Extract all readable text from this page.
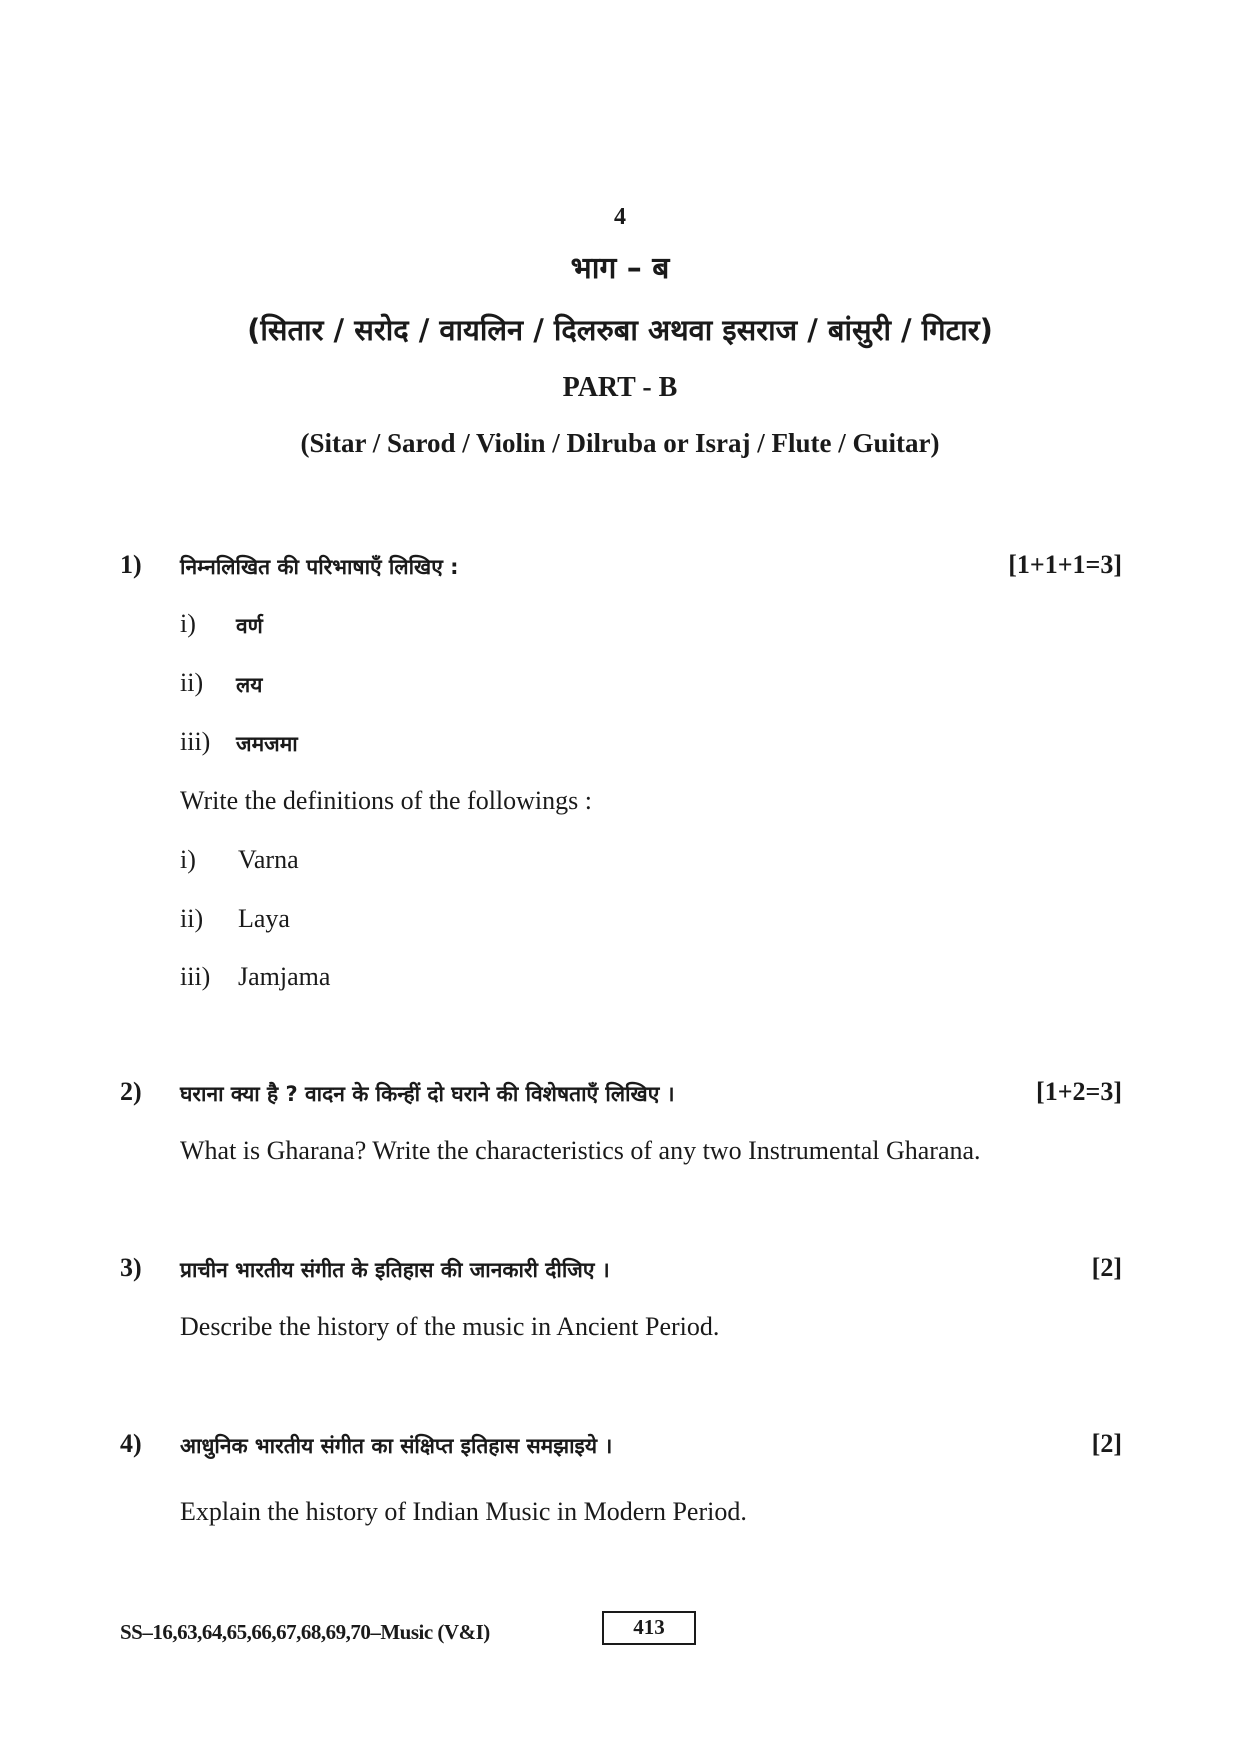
4
भाग – ब
(सितार / सरोद / वायलिन / दिलरुबा अथवा इसराज / बांसुरी / गिटार)
PART - B
(Sitar / Sarod / Violin / Dilruba or Israj / Flute / Guitar)
1) निम्नलिखित की परिभाषाएँ लिखिए :	[1+1+1=3]
i)	वर्ण
ii)	लय
iii)	जमजमा
Write the definitions of the followings :
i)	Varna
ii)	Laya
iii)	Jamjama
2) घराना क्या है ? वादन के किन्हीं दो घराने की विशेषताएँ लिखिए ।	[1+2=3]
What is Gharana? Write the characteristics of any two Instrumental Gharana.
3) प्राचीन भारतीय संगीत के इतिहास की जानकारी दीजिए ।	[2]
Describe the history of the music in Ancient Period.
4) आधुनिक भारतीय संगीत का संक्षिप्त इतिहास समझाइये ।	[2]
Explain the history of Indian Music in Modern Period.
SS–16,63,64,65,66,67,68,69,70–Music (V&I)	413
